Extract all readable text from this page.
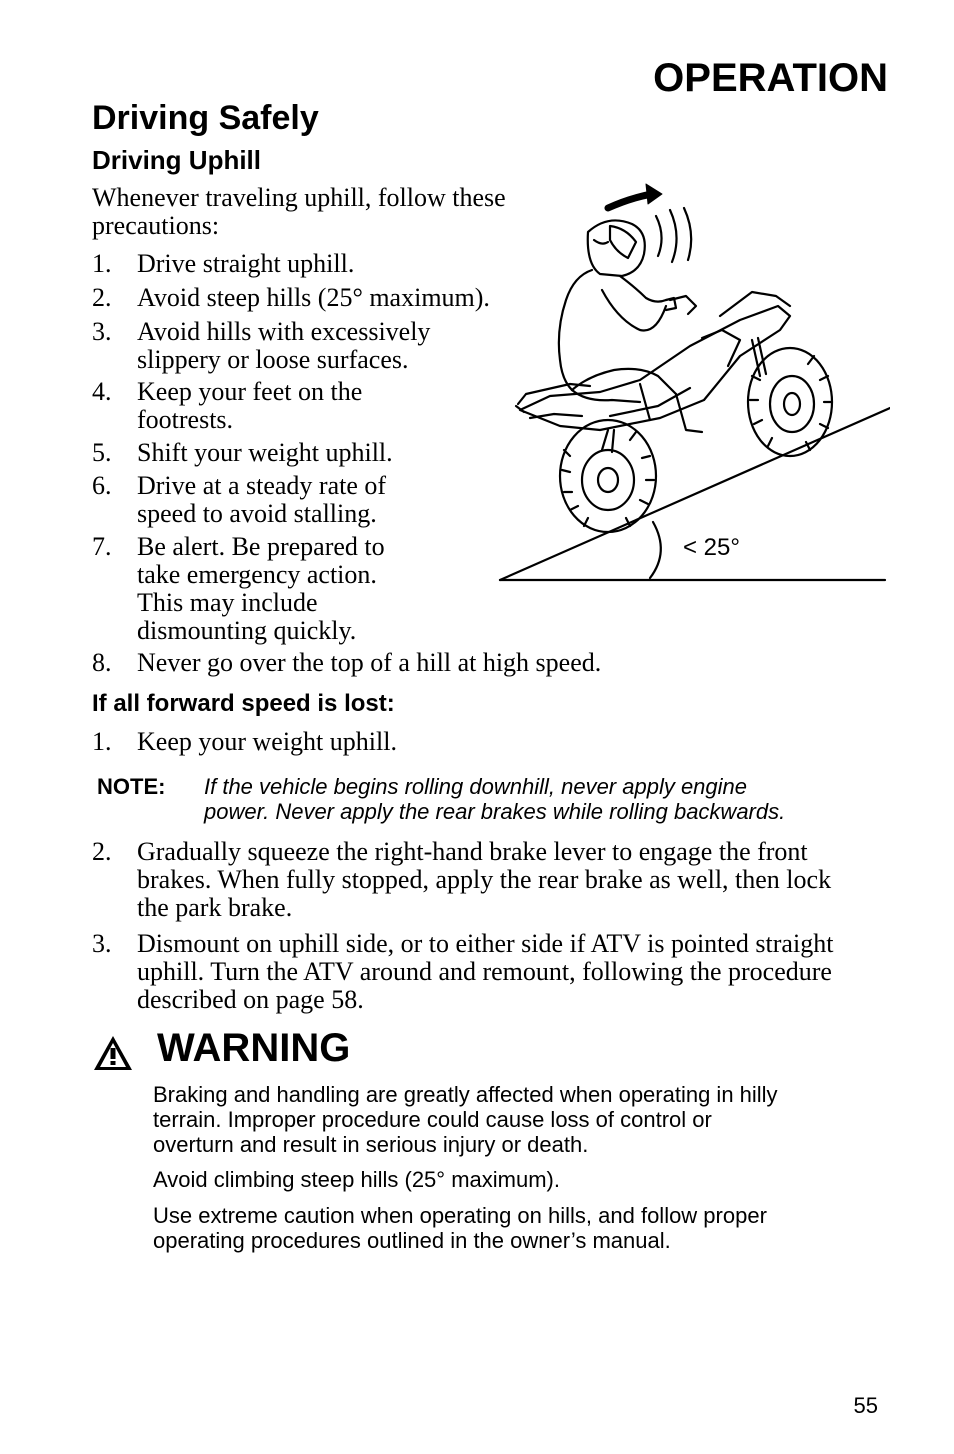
OPERATION
Driving Safely
Driving Uphill
Whenever traveling uphill, follow these precautions:
1. Drive straight uphill.
2. Avoid steep hills (25° maximum).
3. Avoid hills with excessively
slippery or loose surfaces.
4. Keep your feet on the
footrests.
5. Shift your weight uphill.
6. Drive at a steady rate of
speed to avoid stalling.
7. Be alert. Be prepared to
take emergency action.
This may include
dismounting quickly.
8. Never go over the top of a hill at high speed.
< 25°
If all forward speed is lost:
1. Keep your weight uphill.
NOTE: If the vehicle begins rolling downhill, never apply engine
power. Never apply the rear brakes while rolling backwards.
2. Gradually squeeze the right-hand brake lever to engage the front
brakes. When fully stopped, apply the rear brake as well, then lock
the park brake.
3. Dismount on uphill side, or to either side if ATV is pointed straight
uphill. Turn the ATV around and remount, following the procedure
described on page 58.
WARNING
Braking and handling are greatly affected when operating in hilly
terrain. Improper procedure could cause loss of control or
overturn and result in serious injury or death.
Avoid climbing steep hills (25° maximum).
Use extreme caution when operating on hills, and follow proper
operating procedures outlined in the owner’s manual.
55
